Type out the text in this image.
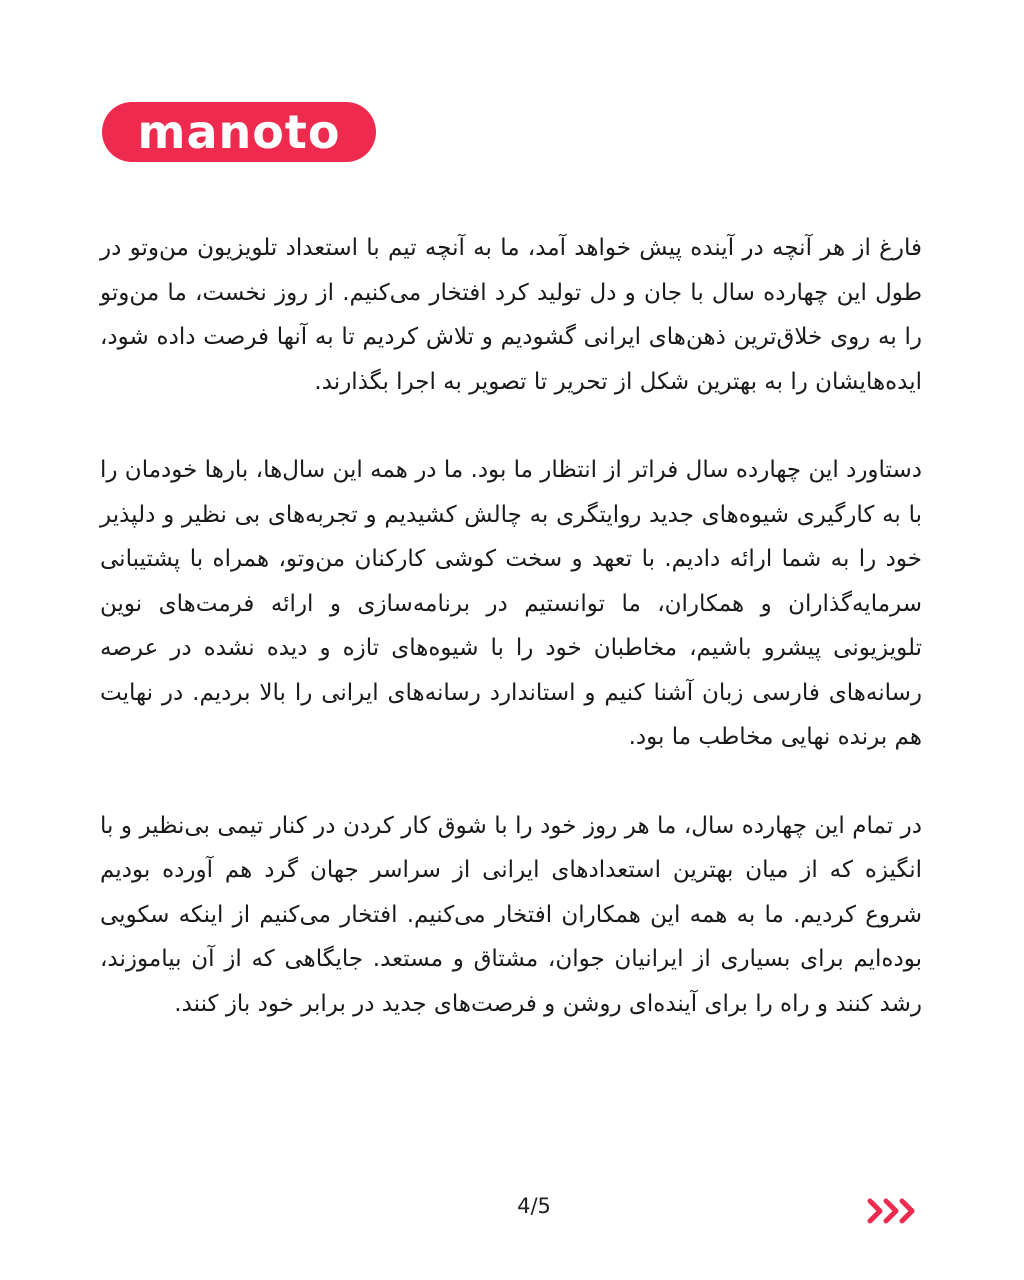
manoto

فارغ از هر آنچه در آینده پیش خواهد آمد، ما به آنچه تیم با استعداد تلویزیون من‌وتو در طول این چهارده سال با جان و دل تولید کرد افتخار می‌کنیم. از روز نخست، ما من‌وتو را به روی خلاق‌ترین ذهن‌های ایرانی گشودیم و تلاش کردیم تا به آنها فرصت داده شود، ایده‌هایشان را به بهترین شکل از تحریر تا تصویر به اجرا بگذارند.

دستاورد این چهارده سال فراتر از انتظار ما بود. ما در همه این سال‌ها، بارها خودمان را با به کارگیری شیوه‌های جدید روایتگری به چالش کشیدیم و تجربه‌های بی نظیر و دلپذیر خود را به شما ارائه دادیم. با تعهد و سخت کوشی کارکنان من‌وتو، همراه با پشتیبانی سرمایه‌گذاران و همکاران، ما توانستیم در برنامه‌سازی و ارائه فرمت‌های نوین تلویزیونی پیشرو باشیم، مخاطبان خود را با شیوه‌های تازه و دیده نشده در عرصه رسانه‌های فارسی زبان آشنا کنیم و استاندارد رسانه‌های ایرانی را بالا بردیم. در نهایت هم برنده نهایی مخاطب ما بود.

در تمام این چهارده سال، ما هر روز خود را با شوق کار کردن در کنار تیمی بی‌نظیر و با انگیزه که از میان بهترین استعدادهای ایرانی از سراسر جهان گرد هم آورده بودیم شروع کردیم. ما به همه این همکاران افتخار می‌کنیم. افتخار می‌کنیم از اینکه سکویی بوده‌ایم برای بسیاری از ایرانیان جوان، مشتاق و مستعد. جایگاهی که از آن بیاموزند، رشد کنند و راه را برای آینده‌ای روشن و فرصت‌های جدید در برابر خود باز کنند.

4/5
